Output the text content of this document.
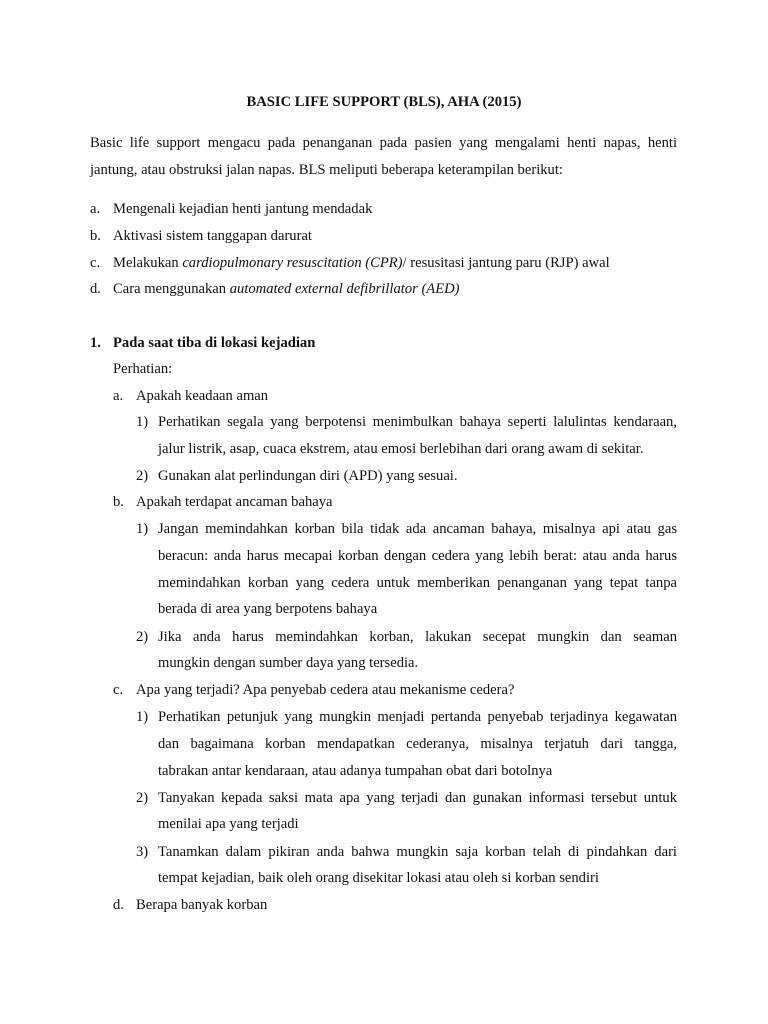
BASIC LIFE SUPPORT (BLS), AHA (2015)
Basic life support mengacu pada penanganan pada pasien yang mengalami henti napas, henti
jantung, atau obstruksi jalan napas. BLS meliputi beberapa keterampilan berikut:
a. Mengenali kejadian henti jantung mendadak
b. Aktivasi sistem tanggapan darurat
c. Melakukan cardiopulmonary resuscitation (CPR)/ resusitasi jantung paru (RJP) awal
d. Cara menggunakan automated external defibrillator (AED)
1. Pada saat tiba di lokasi kejadian
Perhatian:
a. Apakah keadaan aman
1) Perhatikan segala yang berpotensi menimbulkan bahaya seperti lalulintas kendaraan,
jalur listrik, asap, cuaca ekstrem, atau emosi berlebihan dari orang awam di sekitar.
2) Gunakan alat perlindungan diri (APD) yang sesuai.
b. Apakah terdapat ancaman bahaya
1) Jangan memindahkan korban bila tidak ada ancaman bahaya, misalnya api atau gas
beracun: anda harus mecapai korban dengan cedera yang lebih berat: atau anda harus
memindahkan korban yang cedera untuk memberikan penanganan yang tepat tanpa
berada di area yang berpotens bahaya
2) Jika anda harus memindahkan korban, lakukan secepat mungkin dan seaman
mungkin dengan sumber daya yang tersedia.
c. Apa yang terjadi? Apa penyebab cedera atau mekanisme cedera?
1) Perhatikan petunjuk yang mungkin menjadi pertanda penyebab terjadinya kegawatan
dan bagaimana korban mendapatkan cederanya, misalnya terjatuh dari tangga,
tabrakan antar kendaraan, atau adanya tumpahan obat dari botolnya
2) Tanyakan kepada saksi mata apa yang terjadi dan gunakan informasi tersebut untuk
menilai apa yang terjadi
3) Tanamkan dalam pikiran anda bahwa mungkin saja korban telah di pindahkan dari
tempat kejadian, baik oleh orang disekitar lokasi atau oleh si korban sendiri
d. Berapa banyak korban
